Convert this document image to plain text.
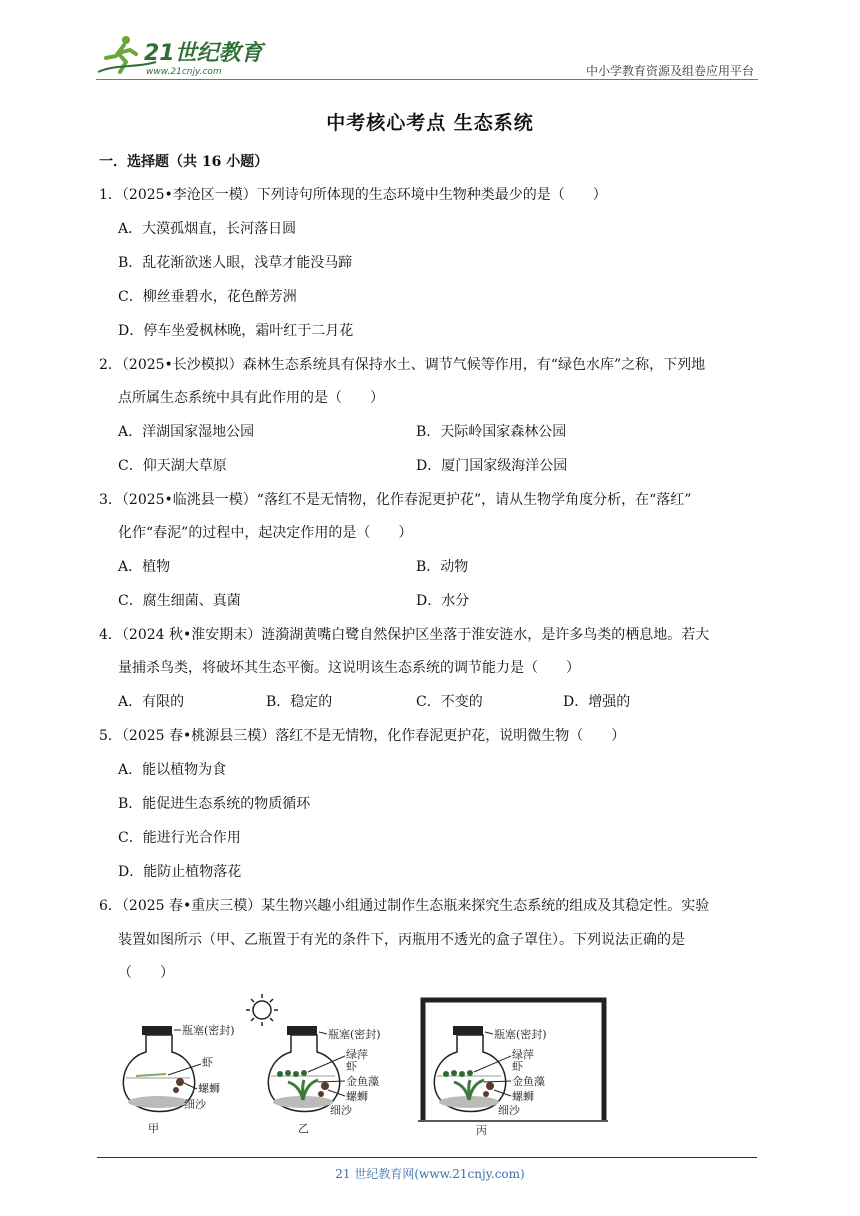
21世纪教育
www.21cnjy.com	中小学教育资源及组卷应用平台
中考核心考点 生态系统
一．选择题（共 16 小题）
1．（2025•李沧区一模）下列诗句所体现的生态环境中生物种类最少的是（　　）
A．大漠孤烟直，长河落日圆
B．乱花渐欲迷人眼，浅草才能没马蹄
C．柳丝垂碧水，花色醉芳洲
D．停车坐爱枫林晚，霜叶红于二月花
2．（2025•长沙模拟）森林生态系统具有保持水土、调节气候等作用，有“绿色水库”之称，下列地
点所属生态系统中具有此作用的是（　　）
A．洋湖国家湿地公园	B．天际岭国家森林公园
C．仰天湖大草原	D．厦门国家级海洋公园
3．（2025•临洮县一模）“落红不是无情物，化作春泥更护花”，请从生物学角度分析，在“落红”
化作“春泥”的过程中，起决定作用的是（　　）
A．植物	B．动物
C．腐生细菌、真菌	D．水分
4．（2024 秋•淮安期末）涟漪湖黄嘴白鹭自然保护区坐落于淮安涟水，是许多鸟类的栖息地。若大
量捕杀鸟类，将破坏其生态平衡。这说明该生态系统的调节能力是（　　）
A．有限的	B．稳定的	C．不变的	D．增强的
5．（2025 春•桃源县三模）落红不是无情物，化作春泥更护花，说明微生物（　　）
A．能以植物为食
B．能促进生态系统的物质循环
C．能进行光合作用
D．能防止植物落花
6．（2025 春•重庆三模）某生物兴趣小组通过制作生态瓶来探究生态系统的组成及其稳定性。实验
装置如图所示（甲、乙瓶置于有光的条件下，丙瓶用不透光的盒子罩住）。下列说法正确的是
（　　）
瓶塞(密封)
虾
螺蛳
细沙
甲
瓶塞(密封)
绿萍
虾
金鱼藻
螺蛳
细沙
乙
瓶塞(密封)
绿萍
虾
金鱼藻
螺蛳
细沙
丙
21 世纪教育网(www.21cnjy.com)
